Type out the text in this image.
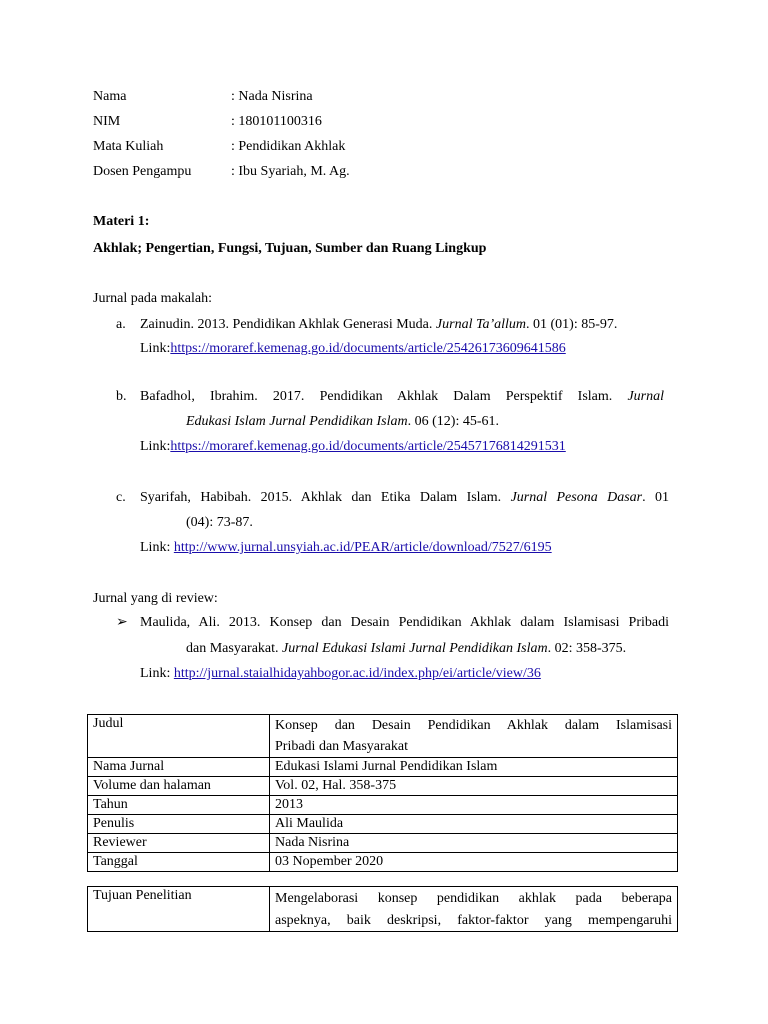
Nama	: Nada Nisrina
NIM	: 180101100316
Mata Kuliah	: Pendidikan Akhlak
Dosen Pengampu	: Ibu Syariah, M. Ag.
Materi 1:
Akhlak; Pengertian, Fungsi, Tujuan, Sumber dan Ruang Lingkup
Jurnal pada makalah:
a. Zainudin. 2013. Pendidikan Akhlak Generasi Muda. Jurnal Ta’allum. 01 (01): 85-97.
Link:https://moraref.kemenag.go.id/documents/article/25426173609641586
b. Bafadhol, Ibrahim. 2017. Pendidikan Akhlak Dalam Perspektif Islam. Jurnal
Edukasi Islam Jurnal Pendidikan Islam. 06 (12): 45-61.
Link:https://moraref.kemenag.go.id/documents/article/25457176814291531
c. Syarifah, Habibah. 2015. Akhlak dan Etika Dalam Islam. Jurnal Pesona Dasar. 01
(04): 73-87.
Link: http://www.jurnal.unsyiah.ac.id/PEAR/article/download/7527/6195
Jurnal yang di review:
➢ Maulida, Ali. 2013. Konsep dan Desain Pendidikan Akhlak dalam Islamisasi Pribadi
dan Masyarakat. Jurnal Edukasi Islami Jurnal Pendidikan Islam. 02: 358-375.
Link: http://jurnal.staialhidayahbogor.ac.id/index.php/ei/article/view/36
Judul	Konsep dan Desain Pendidikan Akhlak dalam Islamisasi
Pribadi dan Masyarakat

Nama Jurnal	Edukasi Islami Jurnal Pendidikan Islam
Volume dan halaman	Vol. 02, Hal. 358-375
Tahun	2013
Penulis	Ali Maulida
Reviewer	Nada Nisrina
Tanggal	03 Nopember 2020
Tujuan Penelitian	Mengelaborasi konsep pendidikan akhlak pada beberapa
aspeknya, baik deskripsi, faktor-faktor yang mempengaruhi
